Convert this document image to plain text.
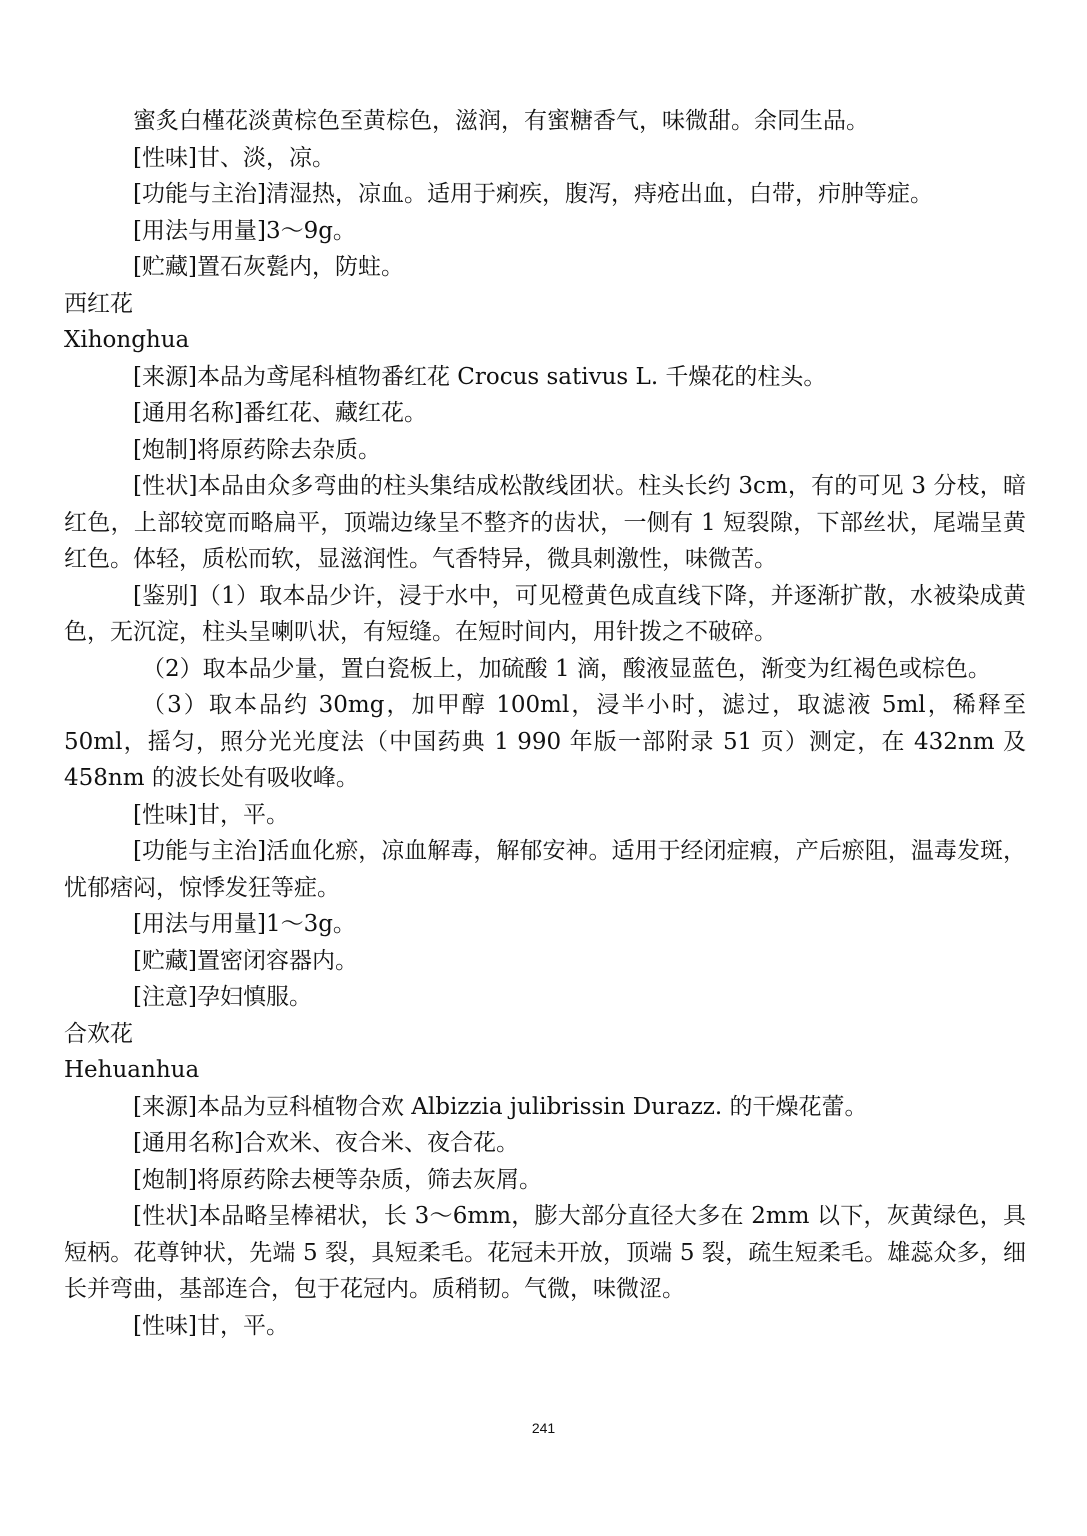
蜜炙白槿花淡黄棕色至黄棕色，滋润，有蜜糖香气，味微甜。余同生品。

[性味]甘、淡，凉。

[功能与主治]清湿热，凉血。适用于痢疾，腹泻，痔疮出血，白带，疖肿等症。

[用法与用量]3～9g。

[贮藏]置石灰甏内，防蛀。

西红花

Xihonghua

[来源]本品为鸢尾科植物番红花 Crocus sativus L. 千燥花的柱头。

[通用名称]番红花、藏红花。

[炮制]将原药除去杂质。

[性状]本品由众多弯曲的柱头集结成松散线团状。柱头长约 3cm，有的可见 3 分枝，暗红色，上部较宽而略扁平，顶端边缘呈不整齐的齿状，一侧有 1 短裂隙，下部丝状，尾端呈黄红色。体轻，质松而软，显滋润性。气香特异，微具刺激性，味微苦。

[鉴别]（1）取本品少许，浸于水中，可见橙黄色成直线下降，并逐渐扩散，水被染成黄色，无沉淀，柱头呈喇叭状，有短缝。在短时间内，用针拨之不破碎。

（2）取本品少量，置白瓷板上，加硫酸 1 滴，酸液显蓝色，渐变为红褐色或棕色。

（3）取本品约 30mg，加甲醇 100ml，浸半小时，滤过，取滤液 5ml，稀释至 50ml，摇匀，照分光光度法（中国药典 1 990 年版一部附录 51 页）测定，在 432nm 及 458nm 的波长处有吸收峰。

[性味]甘，平。

[功能与主治]活血化瘀，凉血解毒，解郁安神。适用于经闭症瘕，产后瘀阻，温毒发斑，忧郁痞闷，惊悸发狂等症。

[用法与用量]1～3g。

[贮藏]置密闭容器内。

[注意]孕妇慎服。

合欢花

Hehuanhua

[来源]本品为豆科植物合欢 Albizzia julibrissin Durazz. 的干燥花蕾。

[通用名称]合欢米、夜合米、夜合花。

[炮制]将原药除去梗等杂质，筛去灰屑。

[性状]本品略呈棒裙状，长 3～6mm，膨大部分直径大多在 2mm 以下，灰黄绿色，具短柄。花尊钟状，先端 5 裂，具短柔毛。花冠未开放，顶端 5 裂，疏生短柔毛。雄蕊众多，细长并弯曲，基部连合，包于花冠内。质稍韧。气微，味微涩。

[性味]甘，平。

241
